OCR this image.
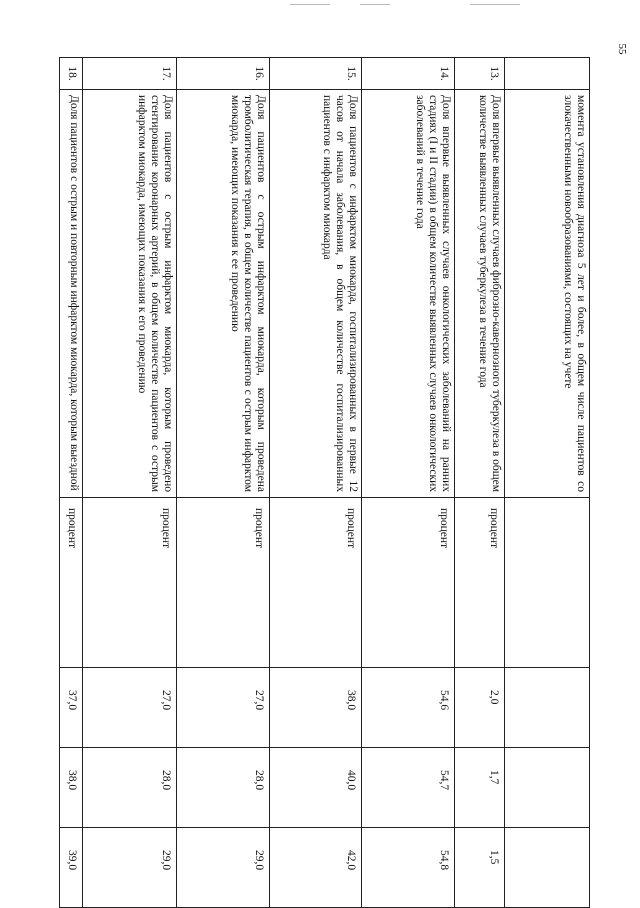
55
	момента установления диагноза 5 лет и более, в общем числе пациентов со злокачественными новообразованиями, состоящих на учете				
13.	Доля впервые выявленных случаев фиброзно-кавернозного туберкулеза в общем количестве выявленных случаев туберкулеза в течение года	процент	2,0	1,7	1,5
14.	Доля впервые выявленных случаев онкологических заболеваний на ранних стадиях (I и II стадии) в общем количестве выявленных случаев онкологических заболеваний в течение года	процент	54,6	54,7	54,8
15.	Доля пациентов с инфарктом миокарда, госпитализированных в первые 12 часов от начала заболевания, в общем количестве госпитализированных пациентов с инфарктом миокарда	процент	38,0	40,0	42,0
16.	Доля пациентов с острым инфарктом миокарда, которым проведена тромболитическая терапия, в общем количестве пациентов с острым инфарктом миокарда, имеющих показания к ее проведению	процент	27,0	28,0	29,0
17.	Доля пациентов с острым инфарктом миокарда, которым проведено стентирование коронарных артерий, в общем количестве пациентов с острым инфарктом миокарда, имеющих показания к его проведению	процент	27,0	28,0	29,0
18.	Доля пациентов с острым и повторным инфарктом миокарда, которым выездной	процент	37,0	38,0	39,0
